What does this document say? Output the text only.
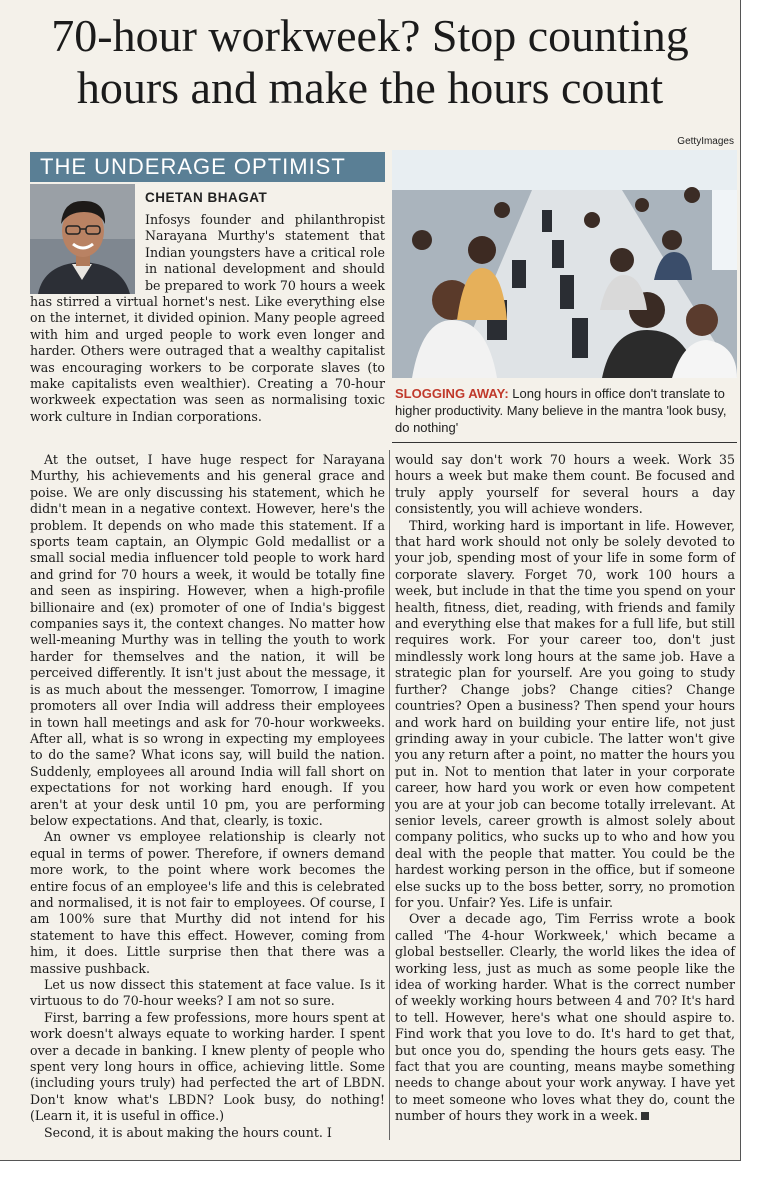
70-hour workweek? Stop counting hours and make the hours count
THE UNDERAGE OPTIMIST
CHETAN BHAGAT
GettyImages
SLOGGING AWAY: Long hours in office don't translate to higher productivity. Many believe in the mantra 'look busy, do nothing'

Infosys founder and philanthropist Narayana Murthy's statement that Indian youngsters have a critical role in national development and should be prepared to work 70 hours a week has stirred a virtual hornet's nest. Like everything else on the internet, it divided opinion. Many people agreed with him and urged people to work even longer and harder. Others were outraged that a wealthy capitalist was encouraging workers to be corporate slaves (to make capitalists even wealthier). Creating a 70-hour workweek expectation was seen as normalising toxic work culture in Indian corporations.

At the outset, I have huge respect for Narayana Murthy, his achievements and his general grace and poise. We are only discussing his statement, which he didn't mean in a negative context. However, here's the problem. It depends on who made this statement. If a sports team captain, an Olympic Gold medallist or a small social media influencer told people to work hard and grind for 70 hours a week, it would be totally fine and seen as inspiring. However, when a high-profile billionaire and (ex) promoter of one of India's biggest companies says it, the context changes. No matter how well-meaning Murthy was in telling the youth to work harder for themselves and the nation, it will be perceived differently. It isn't just about the message, it is as much about the messenger. Tomorrow, I imagine promoters all over India will address their employees in town hall meetings and ask for 70-hour workweeks. After all, what is so wrong in expecting my employees to do the same? What icons say, will build the nation. Suddenly, employees all around India will fall short on expectations for not working hard enough. If you aren't at your desk until 10 pm, you are performing below expectations. And that, clearly, is toxic.

An owner vs employee relationship is clearly not equal in terms of power. Therefore, if owners demand more work, to the point where work becomes the entire focus of an employee's life and this is celebrated and normalised, it is not fair to employees. Of course, I am 100% sure that Murthy did not intend for his statement to have this effect. However, coming from him, it does. Little surprise then that there was a massive pushback.

Let us now dissect this statement at face value. Is it virtuous to do 70-hour weeks? I am not so sure.

First, barring a few professions, more hours spent at work doesn't always equate to working harder. I spent over a decade in banking. I knew plenty of people who spent very long hours in office, achieving little. Some (including yours truly) had perfected the art of LBDN. Don't know what's LBDN? Look busy, do nothing! (Learn it, it is useful in office.)

Second, it is about making the hours count. I

would say don't work 70 hours a week. Work 35 hours a week but make them count. Be focused and truly apply yourself for several hours a day consistently, you will achieve wonders.

Third, working hard is important in life. However, that hard work should not only be solely devoted to your job, spending most of your life in some form of corporate slavery. Forget 70, work 100 hours a week, but include in that the time you spend on your health, fitness, diet, reading, with friends and family and everything else that makes for a full life, but still requires work. For your career too, don't just mindlessly work long hours at the same job. Have a strategic plan for yourself. Are you going to study further? Change jobs? Change cities? Change countries? Open a business? Then spend your hours and work hard on building your entire life, not just grinding away in your cubicle. The latter won't give you any return after a point, no matter the hours you put in. Not to mention that later in your corporate career, how hard you work or even how competent you are at your job can become totally irrelevant. At senior levels, career growth is almost solely about company politics, who sucks up to who and how you deal with the people that matter. You could be the hardest working person in the office, but if someone else sucks up to the boss better, sorry, no promotion for you. Unfair? Yes. Life is unfair.

Over a decade ago, Tim Ferriss wrote a book called 'The 4-hour Workweek,' which became a global bestseller. Clearly, the world likes the idea of working less, just as much as some people like the idea of working harder. What is the correct number of weekly working hours between 4 and 70? It's hard to tell. However, here's what one should aspire to. Find work that you love to do. It's hard to get that, but once you do, spending the hours gets easy. The fact that you are counting, means maybe something needs to change about your work anyway. I have yet to meet someone who loves what they do, count the number of hours they work in a week.
